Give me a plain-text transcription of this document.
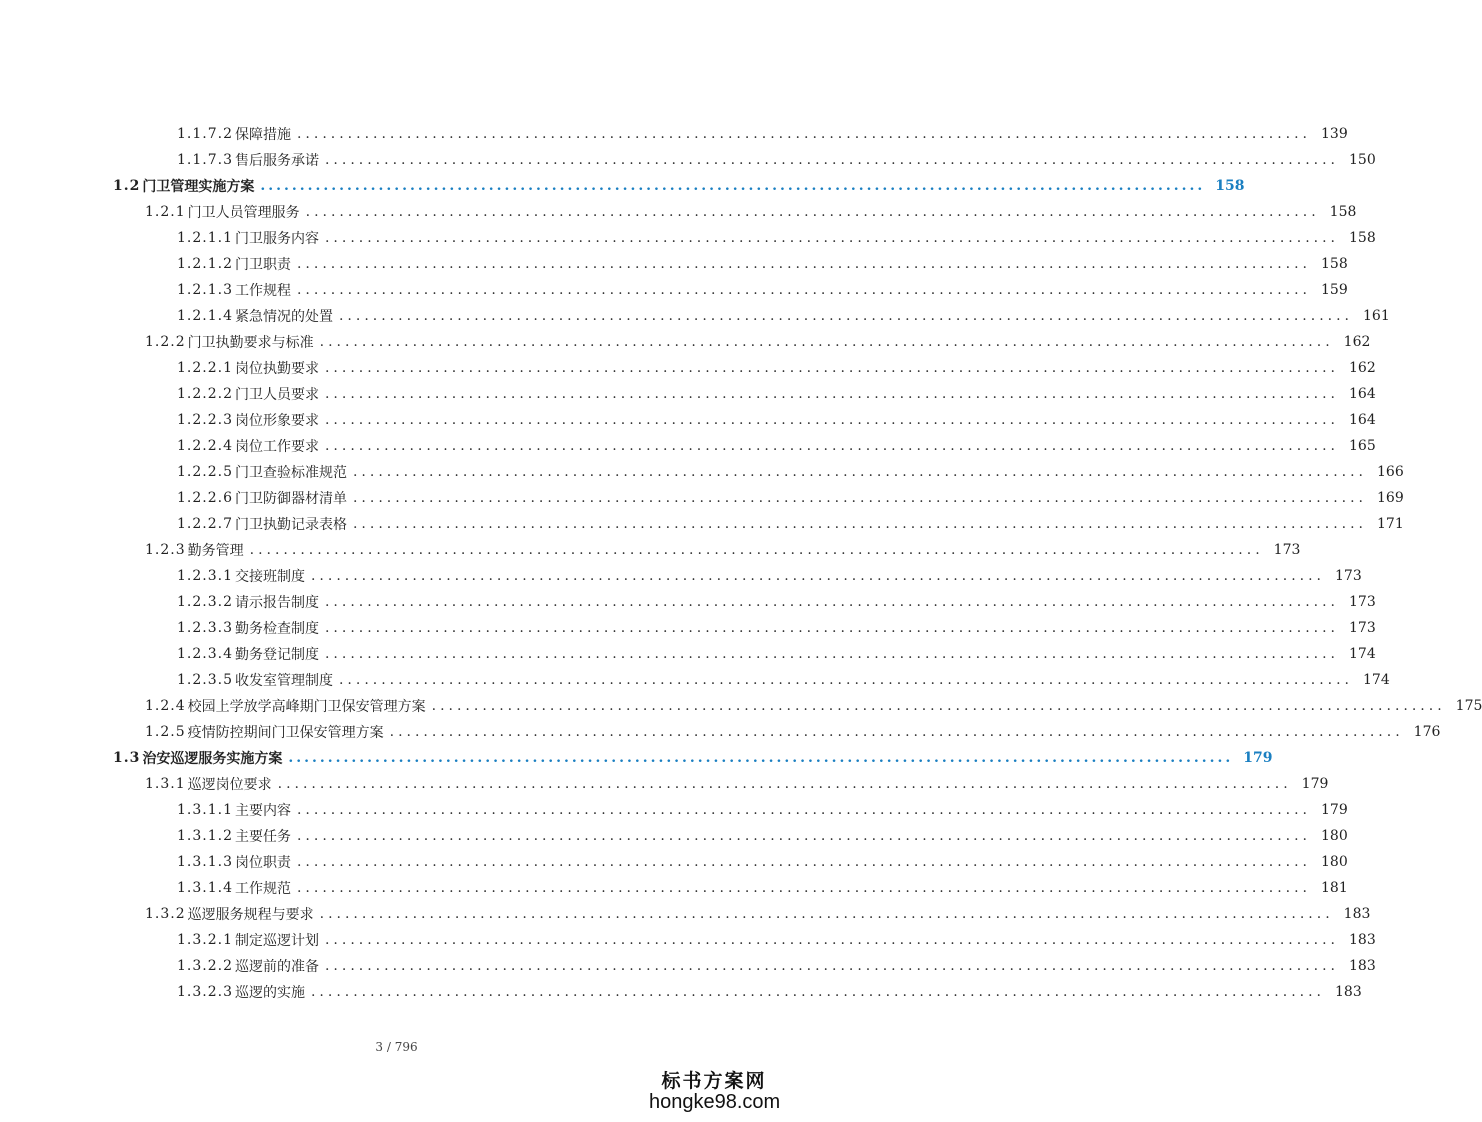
1.1.7.2 保障措施 ........................................................................................................................ 139
1.1.7.3 售后服务承诺 ........................................................................................................................ 150
1.2 门卫管理实施方案 ........................................................................................................................ 158
1.2.1 门卫人员管理服务 ........................................................................................................................ 158
1.2.1.1 门卫服务内容 ........................................................................................................................ 158
1.2.1.2 门卫职责 ........................................................................................................................ 158
1.2.1.3 工作规程 ........................................................................................................................ 159
1.2.1.4 紧急情况的处置 ........................................................................................................................ 161
1.2.2 门卫执勤要求与标准 ........................................................................................................................ 162
1.2.2.1 岗位执勤要求 ........................................................................................................................ 162
1.2.2.2 门卫人员要求 ........................................................................................................................ 164
1.2.2.3 岗位形象要求 ........................................................................................................................ 164
1.2.2.4 岗位工作要求 ........................................................................................................................ 165
1.2.2.5 门卫查验标准规范 ........................................................................................................................ 166
1.2.2.6 门卫防御器材清单 ........................................................................................................................ 169
1.2.2.7 门卫执勤记录表格 ........................................................................................................................ 171
1.2.3 勤务管理 ........................................................................................................................ 173
1.2.3.1 交接班制度 ........................................................................................................................ 173
1.2.3.2 请示报告制度 ........................................................................................................................ 173
1.2.3.3 勤务检查制度 ........................................................................................................................ 173
1.2.3.4 勤务登记制度 ........................................................................................................................ 174
1.2.3.5 收发室管理制度 ........................................................................................................................ 174
1.2.4 校园上学放学高峰期门卫保安管理方案 ........................................................................................................................ 175
1.2.5 疫情防控期间门卫保安管理方案 ........................................................................................................................ 176
1.3 治安巡逻服务实施方案 ........................................................................................................................ 179
1.3.1 巡逻岗位要求 ........................................................................................................................ 179
1.3.1.1 主要内容 ........................................................................................................................ 179
1.3.1.2 主要任务 ........................................................................................................................ 180
1.3.1.3 岗位职责 ........................................................................................................................ 180
1.3.1.4 工作规范 ........................................................................................................................ 181
1.3.2 巡逻服务规程与要求 ........................................................................................................................ 183
1.3.2.1 制定巡逻计划 ........................................................................................................................ 183
1.3.2.2 巡逻前的准备 ........................................................................................................................ 183
1.3.2.3 巡逻的实施 ........................................................................................................................ 183
3 / 796
标书方案网
hongke98.com
